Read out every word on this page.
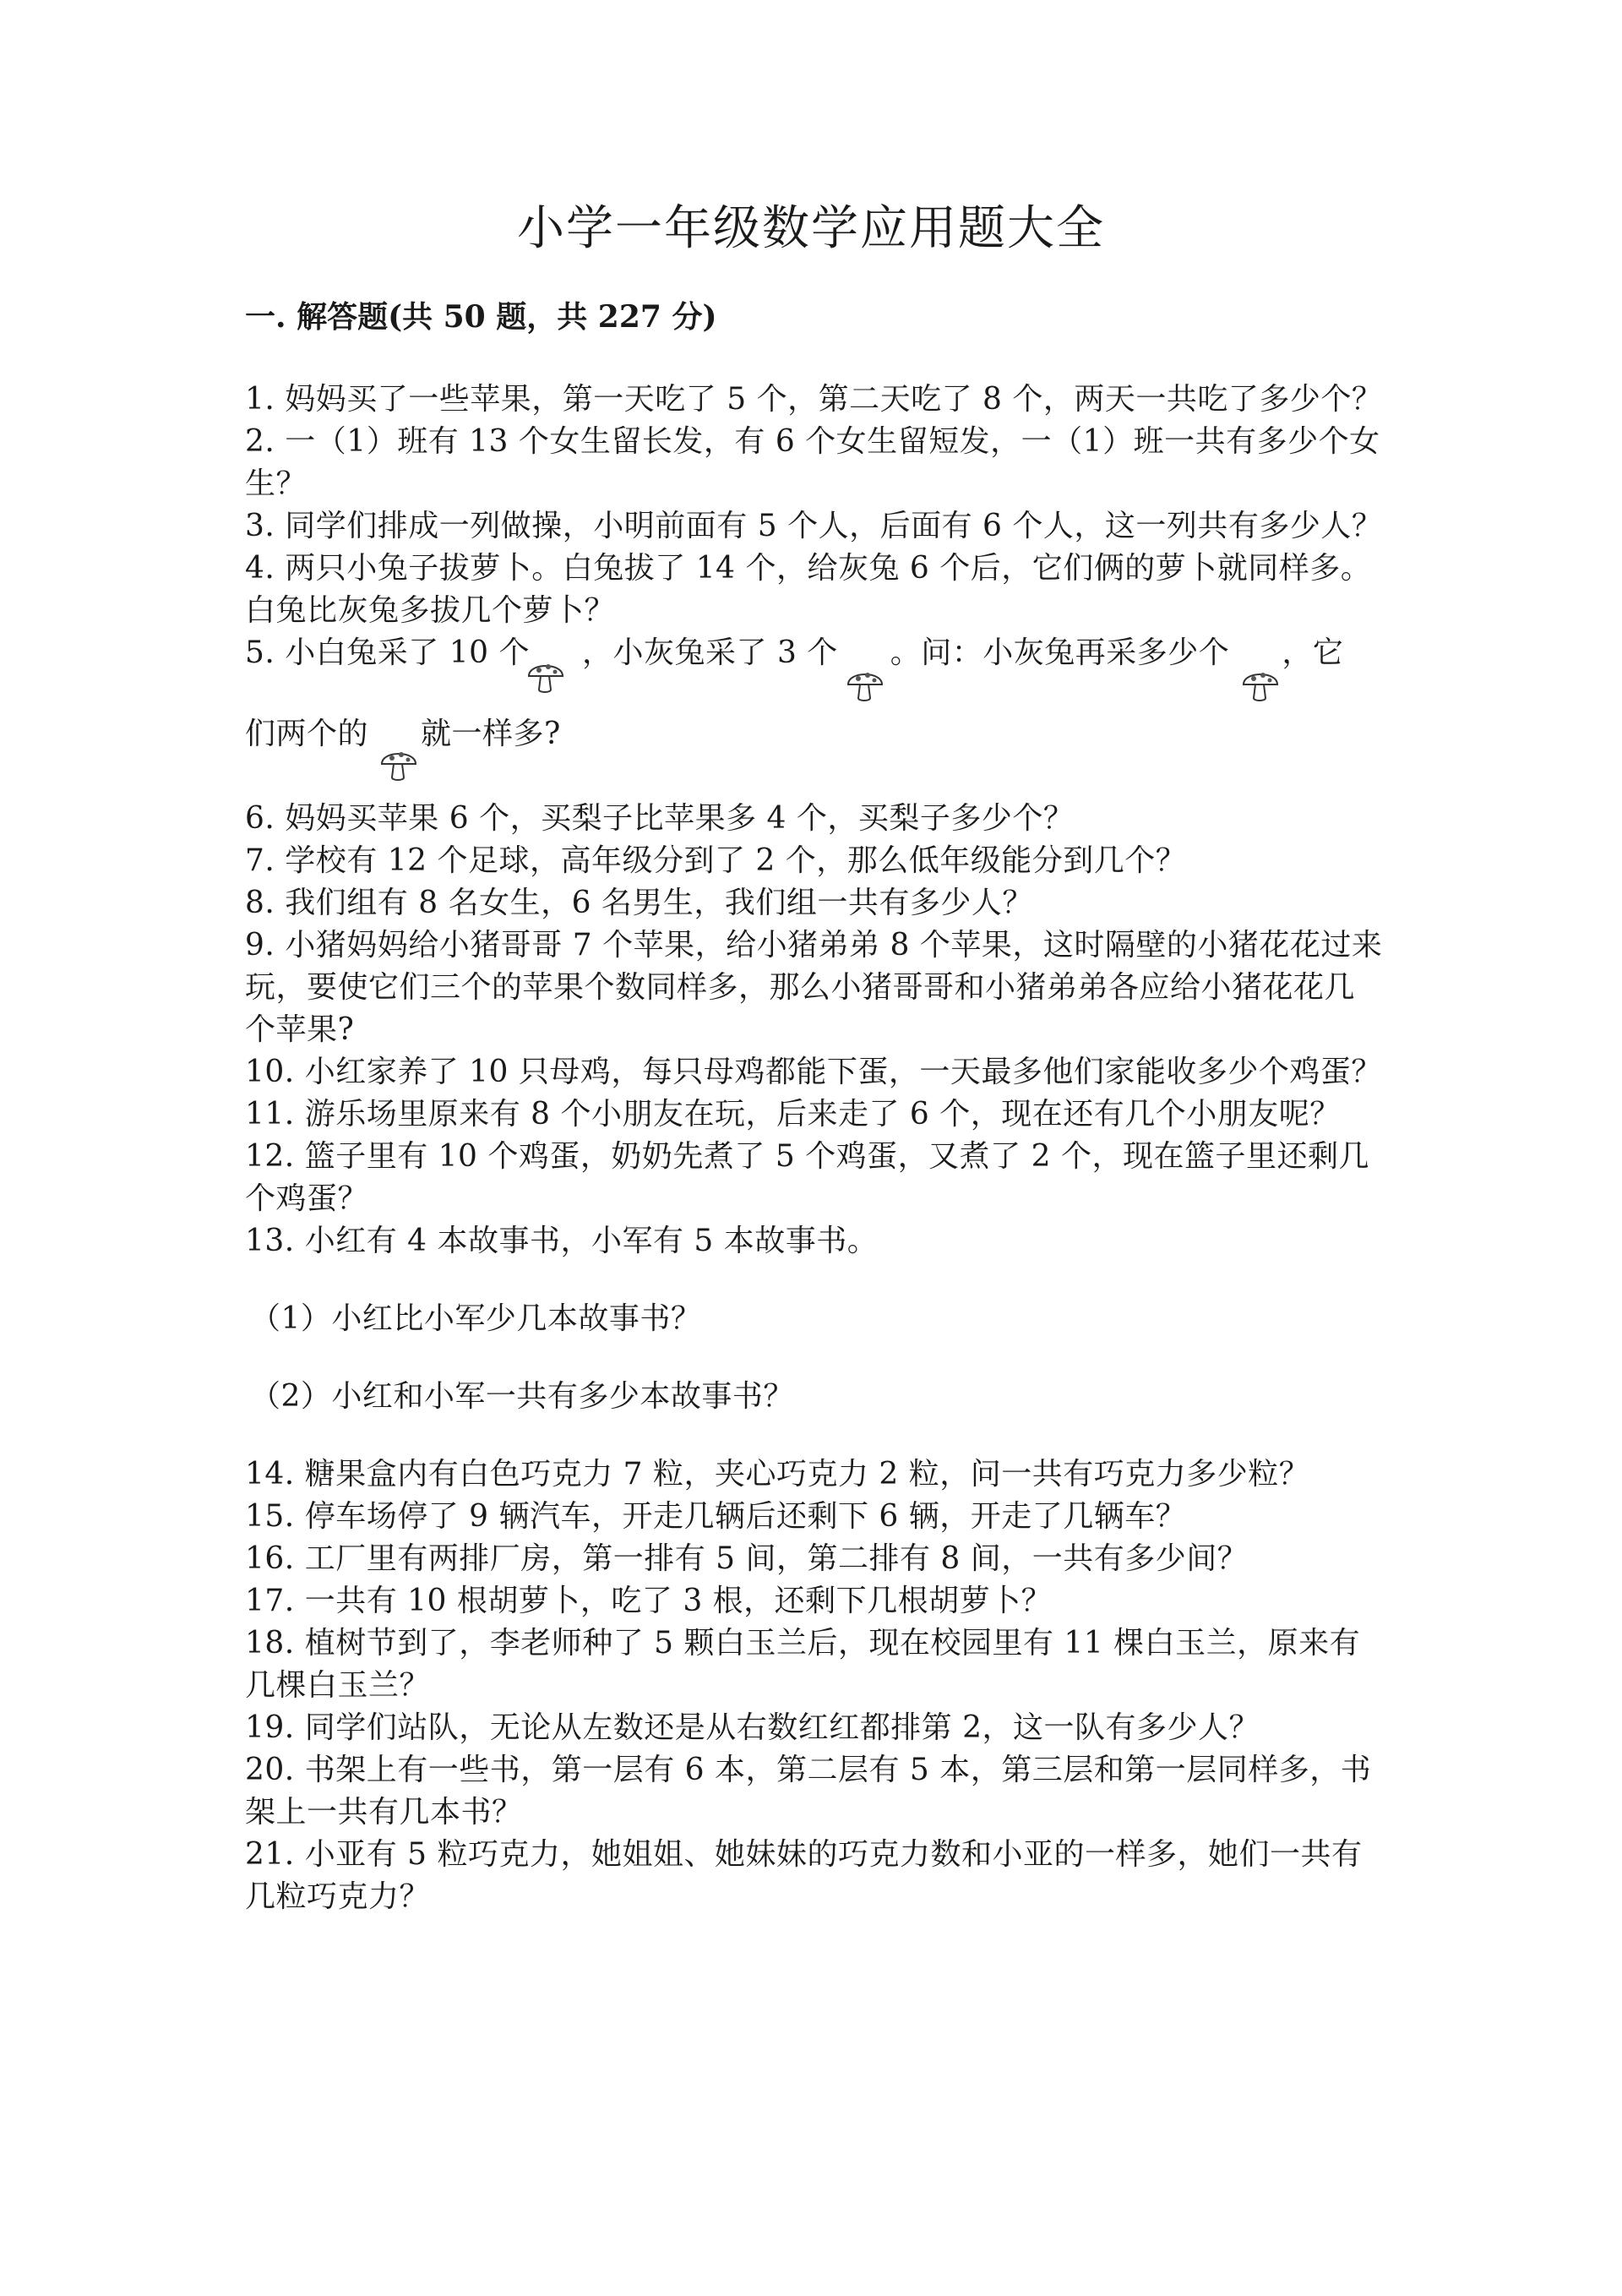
小学一年级数学应用题大全
一. 解答题(共 50 题，共 227 分)

1. 妈妈买了一些苹果，第一天吃了 5 个，第二天吃了 8 个，两天一共吃了多少个？

2. 一（1）班有 13 个女生留长发，有 6 个女生留短发，一（1）班一共有多少个女生？

3. 同学们排成一列做操，小明前面有 5 个人，后面有 6 个人，这一列共有多少人？

4. 两只小兔子拔萝卜。白兔拔了 14 个，给灰兔 6 个后，它们俩的萝卜就同样多。白兔比灰兔多拔几个萝卜？

5. 小白兔采了 10 个 ，小灰兔采了 3 个 。问：小灰兔再采多少个 ，它
们两个的 就一样多?

6. 妈妈买苹果 6 个，买梨子比苹果多 4 个，买梨子多少个？

7. 学校有 12 个足球，高年级分到了 2 个，那么低年级能分到几个？

8. 我们组有 8 名女生，6 名男生，我们组一共有多少人？

9. 小猪妈妈给小猪哥哥 7 个苹果，给小猪弟弟 8 个苹果，这时隔壁的小猪花花过来玩，要使它们三个的苹果个数同样多，那么小猪哥哥和小猪弟弟各应给小猪花花几个苹果?

10. 小红家养了 10 只母鸡，每只母鸡都能下蛋，一天最多他们家能收多少个鸡蛋？

11. 游乐场里原来有 8 个小朋友在玩，后来走了 6 个，现在还有几个小朋友呢？

12. 篮子里有 10 个鸡蛋，奶奶先煮了 5 个鸡蛋，又煮了 2 个，现在篮子里还剩几个鸡蛋？

13. 小红有 4 本故事书，小军有 5 本故事书。

（1）小红比小军少几本故事书？

（2）小红和小军一共有多少本故事书？

14. 糖果盒内有白色巧克力 7 粒，夹心巧克力 2 粒，问一共有巧克力多少粒？

15. 停车场停了 9 辆汽车，开走几辆后还剩下 6 辆，开走了几辆车？

16. 工厂里有两排厂房，第一排有 5 间，第二排有 8 间，一共有多少间？

17. 一共有 10 根胡萝卜，吃了 3 根，还剩下几根胡萝卜？

18. 植树节到了，李老师种了 5 颗白玉兰后，现在校园里有 11 棵白玉兰，原来有几棵白玉兰？

19. 同学们站队，无论从左数还是从右数红红都排第 2，这一队有多少人？

20. 书架上有一些书，第一层有 6 本，第二层有 5 本，第三层和第一层同样多，书架上一共有几本书？

21. 小亚有 5 粒巧克力，她姐姐、她妹妹的巧克力数和小亚的一样多，她们一共有几粒巧克力？
